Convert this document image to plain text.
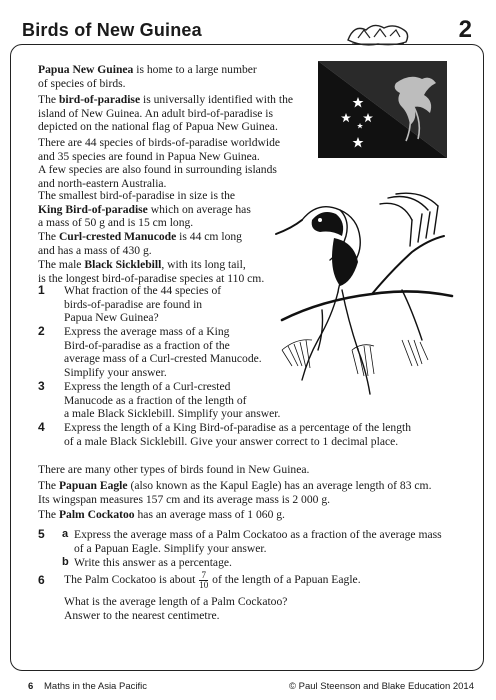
Birds of New Guinea	2

Papua New Guinea is home to a large number
of species of birds.

The bird-of-paradise is universally identified with the
island of New Guinea. An adult bird-of-paradise is
depicted on the national flag of Papua New Guinea.

There are 44 species of birds-of-paradise worldwide
and 35 species are found in Papua New Guinea.
A few species are also found in surrounding islands
and north-eastern Australia.

The smallest bird-of-paradise in size is the
King Bird-of-paradise which on average has
a mass of 50 g and is 15 cm long.

The Curl-crested Manucode is 44 cm long
and has a mass of 430 g.

The male Black Sicklebill, with its long tail,
is the longest bird-of-paradise species at 110 cm.

1 What fraction of the 44 species of
birds-of-paradise are found in
Papua New Guinea?

2 Express the average mass of a King
Bird-of-paradise as a fraction of the
average mass of a Curl-crested Manucode.
Simplify your answer.

3 Express the length of a Curl-crested
Manucode as a fraction of the length of
a male Black Sicklebill. Simplify your answer.

4 Express the length of a King Bird-of-paradise as a percentage of the length
of a male Black Sicklebill. Give your answer correct to 1 decimal place.

There are many other types of birds found in New Guinea.

The Papuan Eagle (also known as the Kapul Eagle) has an average length of 83 cm.
Its wingspan measures 157 cm and its average mass is 2 000 g.

The Palm Cockatoo has an average mass of 1 060 g.

5 a Express the average mass of a Palm Cockatoo as a fraction of the average mass
of a Papuan Eagle. Simplify your answer.

b Write this answer as a percentage.

6 The Palm Cockatoo is about $\frac{7}{10}$ of the length of a Papuan Eagle.

What is the average length of a Palm Cockatoo?
Answer to the nearest centimetre.

6 Maths in the Asia Pacific	© Paul Steenson and Blake Education 2014
